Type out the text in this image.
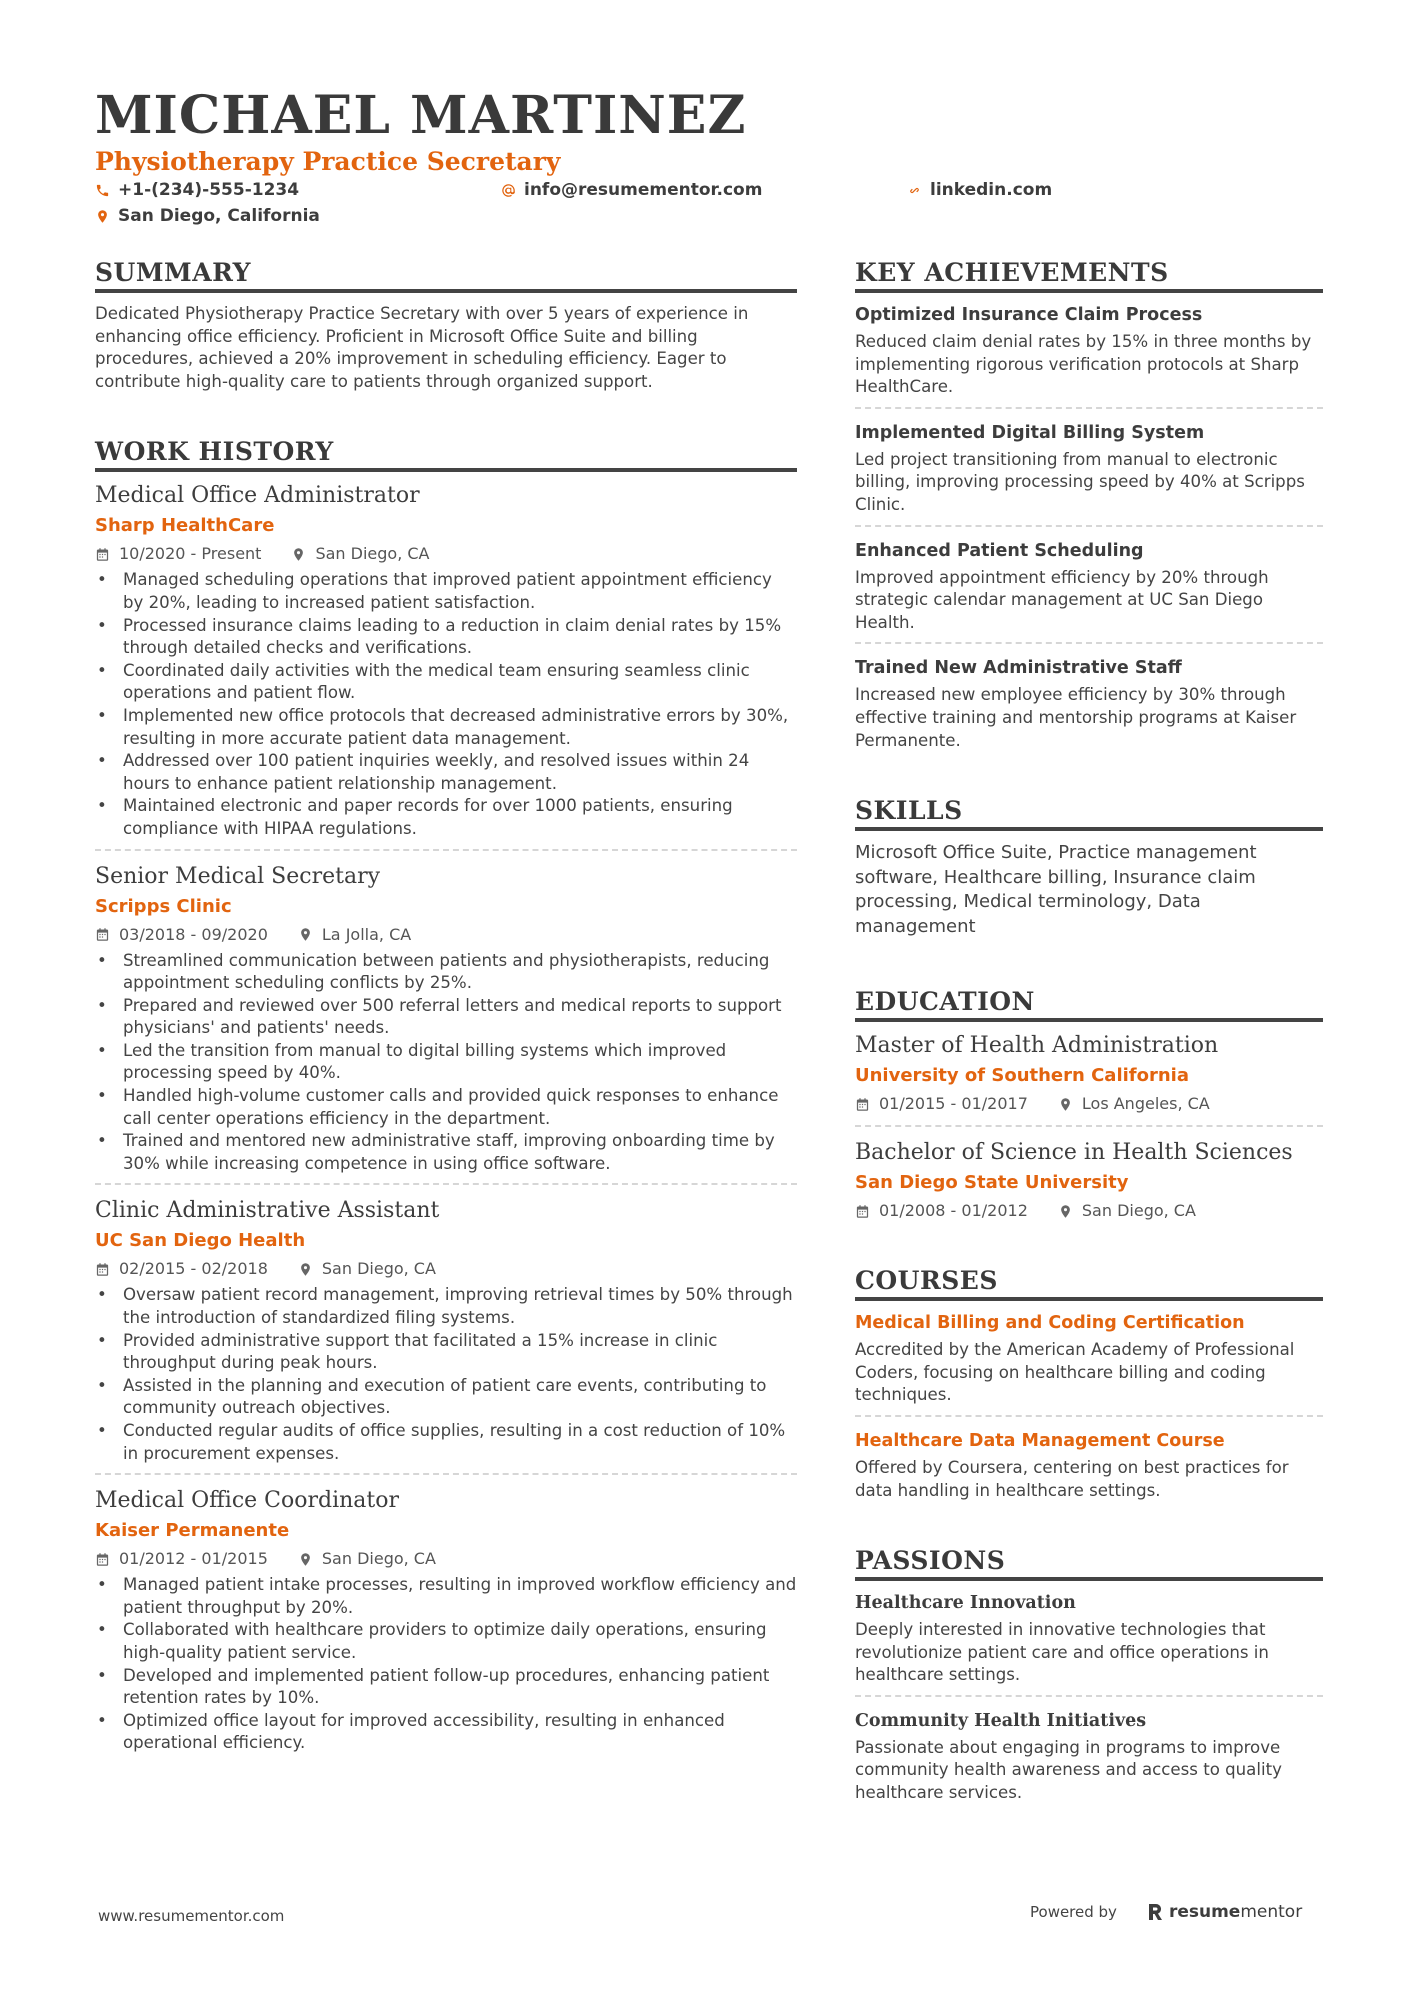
MICHAEL MARTINEZ
Physiotherapy Practice Secretary
+1-(234)-555-1234	info@resumementor.com	linkedin.com
San Diego, California
SUMMARY

Dedicated Physiotherapy Practice Secretary with over 5 years of experience in enhancing office efficiency. Proficient in Microsoft Office Suite and billing procedures, achieved a 20% improvement in scheduling efficiency. Eager to contribute high-quality care to patients through organized support.

WORK HISTORY
Medical Office Administrator
Sharp HealthCare
10/2020 - Present	San Diego, CA
• Managed scheduling operations that improved patient appointment efficiency by 20%, leading to increased patient satisfaction.
• Processed insurance claims leading to a reduction in claim denial rates by 15% through detailed checks and verifications.
• Coordinated daily activities with the medical team ensuring seamless clinic operations and patient flow.
• Implemented new office protocols that decreased administrative errors by 30%, resulting in more accurate patient data management.
• Addressed over 100 patient inquiries weekly, and resolved issues within 24 hours to enhance patient relationship management.
• Maintained electronic and paper records for over 1000 patients, ensuring compliance with HIPAA regulations.
Senior Medical Secretary
Scripps Clinic
03/2018 - 09/2020	La Jolla, CA
• Streamlined communication between patients and physiotherapists, reducing appointment scheduling conflicts by 25%.
• Prepared and reviewed over 500 referral letters and medical reports to support physicians' and patients' needs.
• Led the transition from manual to digital billing systems which improved processing speed by 40%.
• Handled high-volume customer calls and provided quick responses to enhance call center operations efficiency in the department.
• Trained and mentored new administrative staff, improving onboarding time by 30% while increasing competence in using office software.
Clinic Administrative Assistant
UC San Diego Health
02/2015 - 02/2018	San Diego, CA
• Oversaw patient record management, improving retrieval times by 50% through the introduction of standardized filing systems.
• Provided administrative support that facilitated a 15% increase in clinic throughput during peak hours.
• Assisted in the planning and execution of patient care events, contributing to community outreach objectives.
• Conducted regular audits of office supplies, resulting in a cost reduction of 10% in procurement expenses.
Medical Office Coordinator
Kaiser Permanente
01/2012 - 01/2015	San Diego, CA
• Managed patient intake processes, resulting in improved workflow efficiency and patient throughput by 20%.
• Collaborated with healthcare providers to optimize daily operations, ensuring high-quality patient service.
• Developed and implemented patient follow-up procedures, enhancing patient retention rates by 10%.
• Optimized office layout for improved accessibility, resulting in enhanced operational efficiency.
KEY ACHIEVEMENTS
Optimized Insurance Claim Process

Reduced claim denial rates by 15% in three months by implementing rigorous verification protocols at Sharp HealthCare.

Implemented Digital Billing System

Led project transitioning from manual to electronic billing, improving processing speed by 40% at Scripps Clinic.

Enhanced Patient Scheduling

Improved appointment efficiency by 20% through strategic calendar management at UC San Diego Health.

Trained New Administrative Staff

Increased new employee efficiency by 30% through effective training and mentorship programs at Kaiser Permanente.

SKILLS
Microsoft Office Suite, Practice management software, Healthcare billing, Insurance claim processing, Medical terminology, Data management
EDUCATION
Master of Health Administration
University of Southern California
01/2015 - 01/2017	Los Angeles, CA
Bachelor of Science in Health Sciences
San Diego State University
01/2008 - 01/2012	San Diego, CA
COURSES
Medical Billing and Coding Certification

Accredited by the American Academy of Professional Coders, focusing on healthcare billing and coding techniques.

Healthcare Data Management Course

Offered by Coursera, centering on best practices for data handling in healthcare settings.

PASSIONS
Healthcare Innovation

Deeply interested in innovative technologies that revolutionize patient care and office operations in healthcare settings.

Community Health Initiatives

Passionate about engaging in programs to improve community health awareness and access to quality healthcare services.

www.resumementor.com	Powered by	resume mentor
